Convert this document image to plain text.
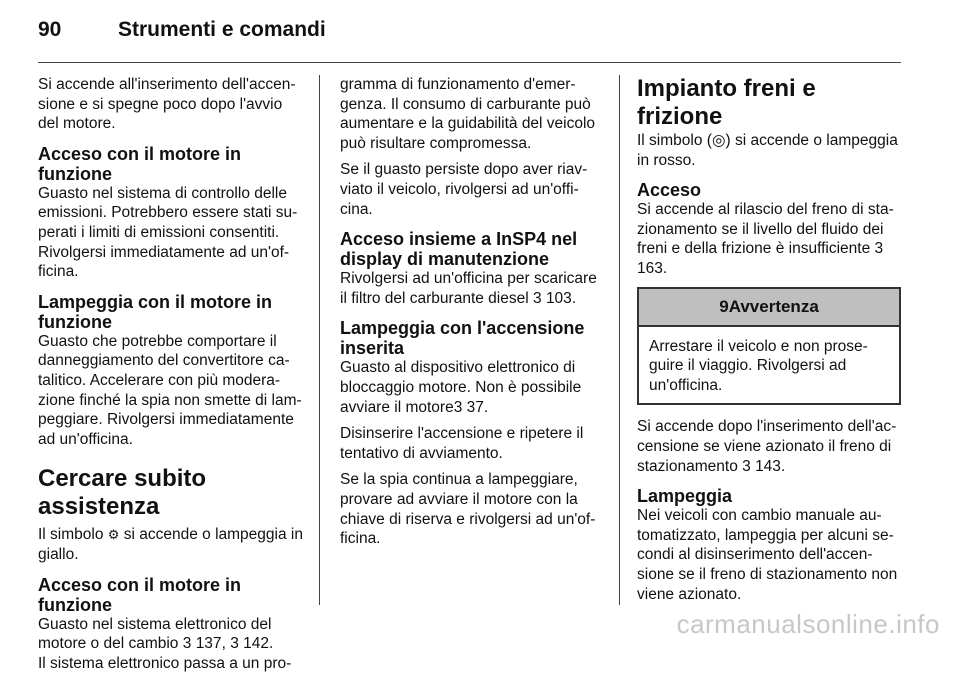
90	Strumenti e comandi

Si accende all'inserimento dell'accen-sione e si spegne poco dopo l'avvio del motore.

Acceso con il motore in funzione

Guasto nel sistema di controllo delle emissioni. Potrebbero essere stati su-perati i limiti di emissioni consentiti. Rivolgersi immediatamente ad un'of-ficina.

Lampeggia con il motore in funzione

Guasto che potrebbe comportare il danneggiamento del convertitore ca-talitico. Accelerare con più modera-zione finché la spia non smette di lam-peggiare. Rivolgersi immediatamente ad un'officina.

Cercare subito assistenza

Il simbolo ⚙ si accende o lampeggia in giallo.

Acceso con il motore in funzione

Guasto nel sistema elettronico del motore o del cambio 3 137, 3 142.

Il sistema elettronico passa a un pro-

gramma di funzionamento d'emer-genza. Il consumo di carburante può aumentare e la guidabilità del veicolo può risultare compromessa.

Se il guasto persiste dopo aver riav-viato il veicolo, rivolgersi ad un'offi-cina.

Acceso insieme a InSP4 nel display di manutenzione

Rivolgersi ad un'officina per scaricare il filtro del carburante diesel 3 103.

Lampeggia con l'accensione inserita

Guasto al dispositivo elettronico di bloccaggio motore. Non è possibile avviare il motore3 37.

Disinserire l'accensione e ripetere il tentativo di avviamento.

Se la spia continua a lampeggiare, provare ad avviare il motore con la chiave di riserva e rivolgersi ad un'of-ficina.

Impianto freni e frizione

Il simbolo (◎) si accende o lampeggia in rosso.

Acceso

Si accende al rilascio del freno di sta-zionamento se il livello del fluido dei freni e della frizione è insufficiente 3 163.

9Avvertenza
Arrestare il veicolo e non prose-guire il viaggio. Rivolgersi ad un'officina.

Si accende dopo l'inserimento dell'ac-censione se viene azionato il freno di stazionamento 3 143.

Lampeggia

Nei veicoli con cambio manuale au-tomatizzato, lampeggia per alcuni se-condi al disinserimento dell'accen-sione se il freno di stazionamento non viene azionato.

carmanualsonline.info
